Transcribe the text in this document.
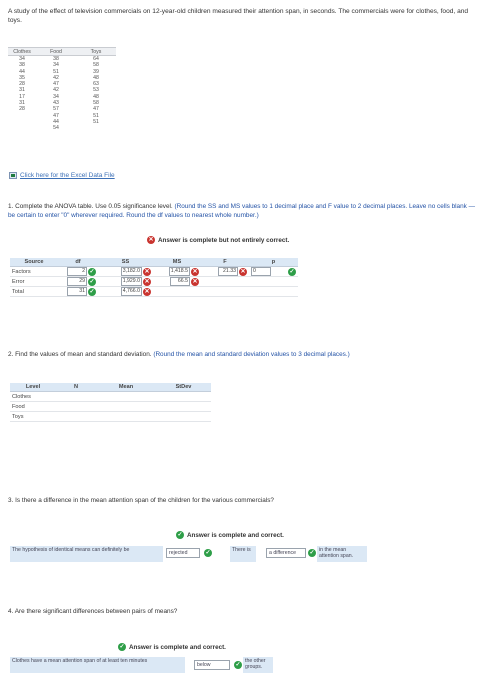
A study of the effect of television commercials on 12-year-old children measured their attention span, in seconds. The commercials were for clothes, food, and toys.
Clothes	Food	Toys
34	38	64
38	34	58
44	51	39
35	42	48
28	47	63
31	42	53
17	34	48
31	43	58
28	57	47
	47	51
	44	51
	54	
Click here for the Excel Data File
1. Complete the ANOVA table. Use 0.05 significance level. (Round the SS and MS values to 1 decimal place and F value to 2 decimal places. Leave no cells blank — be certain to enter "0" wherever required. Round the df values to nearest whole number.)
✕ Answer is complete but not entirely correct.
Source	df	SS	MS	F	p
Factors	2 ✓	3,182.0 ✕	1,418.5 ✕	21.33 ✕	0 ✓

Error	29 ✓	1,929.0 ✕	66.5 ✕		

Total	31 ✓	4,766.0 ✕			

2. Find the values of mean and standard deviation. (Round the mean and standard deviation values to 3 decimal places.)
Level	N	Mean	StDev
Clothes			
Food			
Toys			
3. Is there a difference in the mean attention span of the children for the various commercials?
✓ Answer is complete and correct.
The hypothesis of identical means can definitely be	rejected	✓	There is	a difference	✓ in the mean attention span.
4. Are there significant differences between pairs of means?
✓ Answer is complete and correct.
Clothes have a mean attention span of at least ten minutes
below	✓
the other groups.
